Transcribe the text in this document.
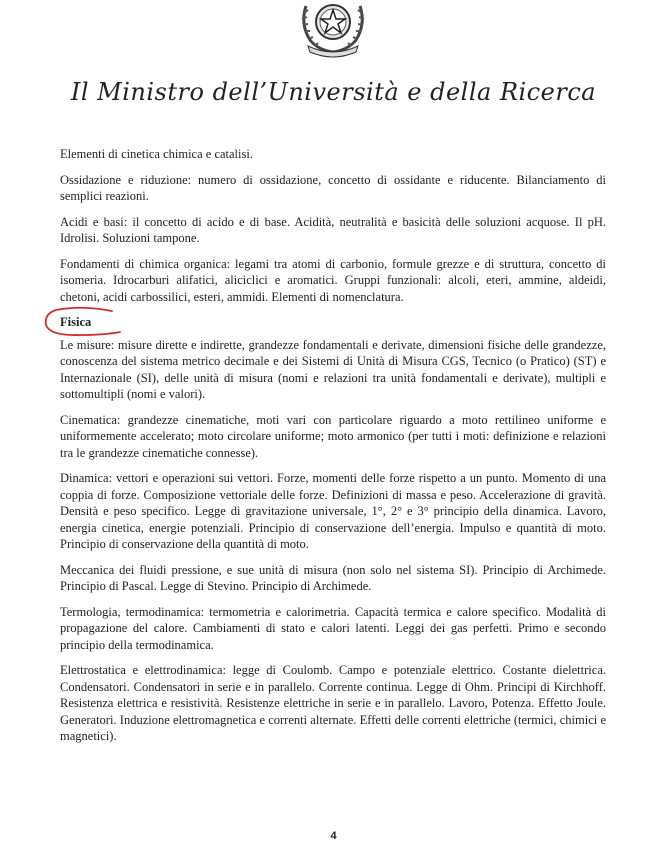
Il Ministro dell’Università e della Ricerca

Elementi di cinetica chimica e catalisi.

Ossidazione e riduzione: numero di ossidazione, concetto di ossidante e riducente. Bilanciamento di semplici reazioni.

Acidi e basi: il concetto di acido e di base. Acidità, neutralità e basicità delle soluzioni acquose. Il pH. Idrolisi. Soluzioni tampone.

Fondamenti di chimica organica: legami tra atomi di carbonio, formule grezze e di struttura, concetto di isomeria. Idrocarburi alifatici, aliciclici e aromatici. Gruppi funzionali: alcoli, eteri, ammine, aldeidi, chetoni, acidi carbossilici, esteri, ammidi. Elementi di nomenclatura.

Fisica

Le misure: misure dirette e indirette, grandezze fondamentali e derivate, dimensioni fisiche delle grandezze, conoscenza del sistema metrico decimale e dei Sistemi di Unità di Misura CGS, Tecnico (o Pratico) (ST) e Internazionale (SI), delle unità di misura (nomi e relazioni tra unità fondamentali e derivate), multipli e sottomultipli (nomi e valori).

Cinematica: grandezze cinematiche, moti vari con particolare riguardo a moto rettilineo uniforme e uniformemente accelerato; moto circolare uniforme; moto armonico (per tutti i moti: definizione e relazioni tra le grandezze cinematiche connesse).

Dinamica: vettori e operazioni sui vettori. Forze, momenti delle forze rispetto a un punto. Momento di una coppia di forze. Composizione vettoriale delle forze. Definizioni di massa e peso. Accelerazione di gravità. Densità e peso specifico. Legge di gravitazione universale, 1°, 2° e 3° principio della dinamica. Lavoro, energia cinetica, energie potenziali. Principio di conservazione dell’energia. Impulso e quantità di moto. Principio di conservazione della quantità di moto.

Meccanica dei fluidi pressione, e sue unità di misura (non solo nel sistema SI). Principio di Archimede. Principio di Pascal. Legge di Stevino. Principio di Archimede.

Termologia, termodinamica: termometria e calorimetria. Capacità termica e calore specifico. Modalità di propagazione del calore. Cambiamenti di stato e calori latenti. Leggi dei gas perfetti. Primo e secondo principio della termodinamica.

Elettrostatica e elettrodinamica: legge di Coulomb. Campo e potenziale elettrico. Costante dielettrica. Condensatori. Condensatori in serie e in parallelo. Corrente continua. Legge di Ohm. Principi di Kirchhoff. Resistenza elettrica e resistività. Resistenze elettriche in serie e in parallelo. Lavoro, Potenza. Effetto Joule. Generatori. Induzione elettromagnetica e correnti alternate. Effetti delle correnti elettriche (termici, chimici e magnetici).

4
